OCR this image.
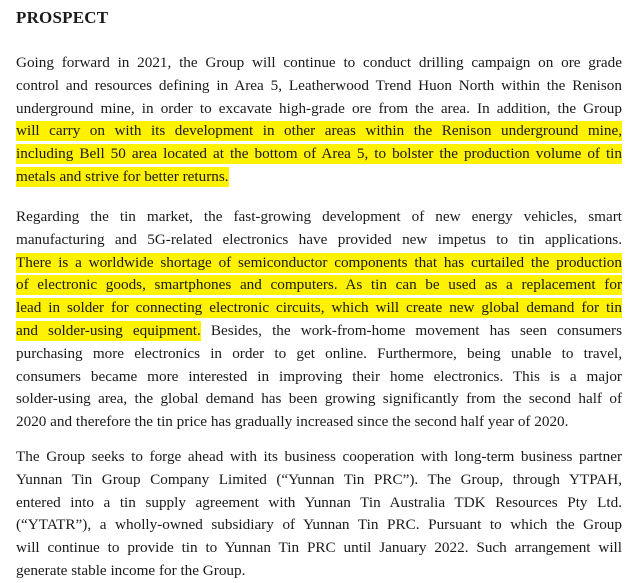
PROSPECT
Going forward in 2021, the Group will continue to conduct drilling campaign on ore grade
control and resources defining in Area 5, Leatherwood Trend Huon North within the Renison
underground mine, in order to excavate high-grade ore from the area. In addition, the Group
will carry on with its development in other areas within the Renison underground mine,
including Bell 50 area located at the bottom of Area 5, to bolster the production volume of tin
metals and strive for better returns.
Regarding the tin market, the fast-growing development of new energy vehicles, smart
manufacturing and 5G-related electronics have provided new impetus to tin applications.
There is a worldwide shortage of semiconductor components that has curtailed the production
of electronic goods, smartphones and computers. As tin can be used as a replacement for
lead in solder for connecting electronic circuits, which will create new global demand for tin
and solder-using equipment. Besides, the work-from-home movement has seen consumers
purchasing more electronics in order to get online. Furthermore, being unable to travel,
consumers became more interested in improving their home electronics. This is a major
solder-using area, the global demand has been growing significantly from the second half of
2020 and therefore the tin price has gradually increased since the second half year of 2020.
The Group seeks to forge ahead with its business cooperation with long-term business partner
Yunnan Tin Group Company Limited (“Yunnan Tin PRC”). The Group, through YTPAH,
entered into a tin supply agreement with Yunnan Tin Australia TDK Resources Pty Ltd.
(“YTATR”), a wholly-owned subsidiary of Yunnan Tin PRC. Pursuant to which the Group
will continue to provide tin to Yunnan Tin PRC until January 2022. Such arrangement will
generate stable income for the Group.
